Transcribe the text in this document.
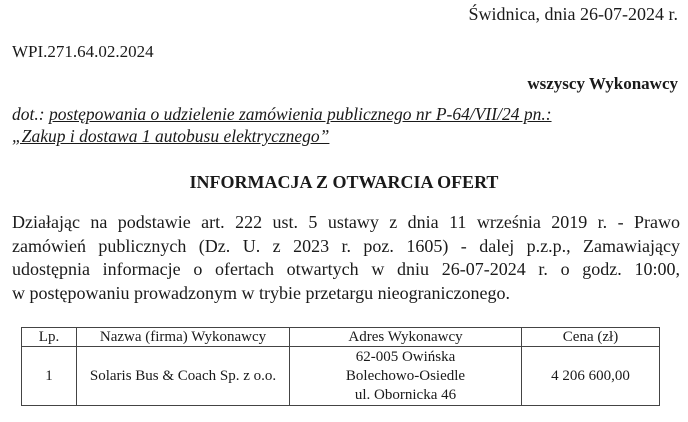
Świdnica, dnia 26-07-2024 r.
WPI.271.64.02.2024
wszyscy Wykonawcy
dot.: postępowania o udzielenie zamówienia publicznego nr P-64/VII/24 pn.:
„Zakup i dostawa 1 autobusu elektrycznego”
INFORMACJA Z OTWARCIA OFERT
Działając na podstawie art. 222 ust. 5 ustawy z dnia 11 września 2019 r. - Prawo
zamówień publicznych (Dz. U. z 2023 r. poz. 1605) - dalej p.z.p., Zamawiający
udostępnia informacje o ofertach otwartych w dniu 26-07-2024 r. o godz. 10:00,
w postępowaniu prowadzonym w trybie przetargu nieograniczonego.
Lp.	Nazwa (firma) Wykonawcy	Adres Wykonawcy	Cena (zł)
1	Solaris Bus & Coach Sp. z o.o.	62-005 Owińska
Bolechowo-Osiedle
ul. Obornicka 46	4 206 600,00
